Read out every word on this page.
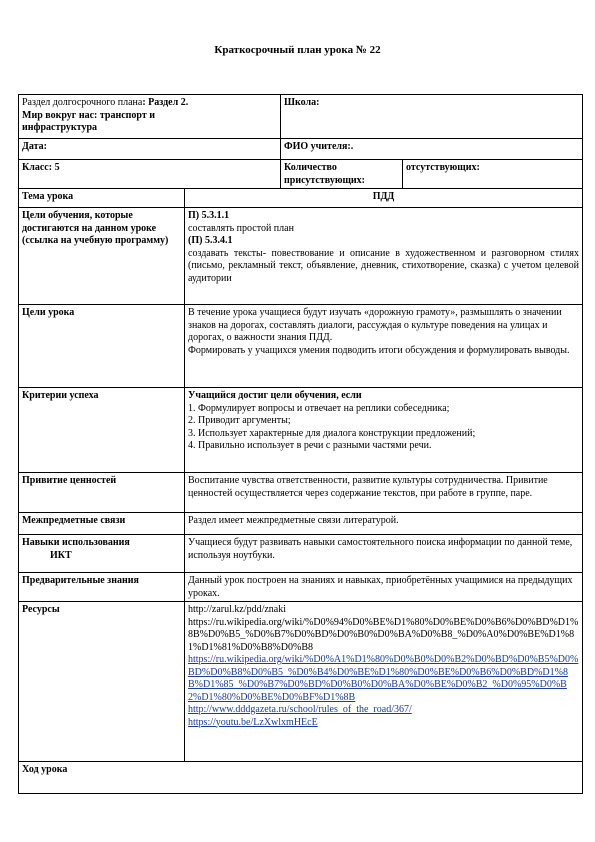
Краткосрочный план урока № 22
Раздел долгосрочного плана: Раздел 2.
Мир вокруг нас: транспорт и
инфраструктура		Школа:	
Дата:		ФИО учителя:.	
Класс: 5		Количество присутствующих:	отсутствующих:
Тема урока	ПДД		
Цели обучения, которые достигаются на данном уроке (ссылка на учебную программу)	П) 5.3.1.1
составлять простой план
(П) 5.3.4.1
создавать тексты- повествование и описание в художественном и разговорном стилях (письмо, рекламный текст, объявление, дневник, стихотворение, сказка) с учетом целевой аудитории		

Цели урока	В течение урока учащиеся будут изучать «дорожную грамоту», размышлять о значении знаков на дорогах, составлять диалоги, рассуждая о культуре поведения на улицах и дорогах, о важности знания ПДД.
Формировать у учащихся умения подводить итоги обсуждения и формулировать выводы.		

Критерии успеха	Учащийся достиг цели обучения, если
1. Формулирует вопросы и отвечает на реплики собеседника;
2. Приводит аргументы;
3. Использует характерные для диалога конструкции предложений;
4. Правильно использует в речи с разными частями речи.		

Привитие ценностей	Воспитание чувства ответственности, развитие культуры сотрудничества. Привитие ценностей осуществляется через содержание текстов, при работе в группе, паре.		
Межпредметные связи	Раздел имеет межпредметные связи литературой.		

Навыки использования
ИКТ	Учащиеся будут развивать навыки самостоятельного поиска информации по данной теме, используя ноутбуки.		
Предварительные знания	Данный урок построен на знаниях и навыках, приобретённых учащимися на предыдущих уроках.		
Ресурсы	http://zarul.kz/pdd/znaki
https://ru.wikipedia.org/wiki/%D0%94%D0%BE%D1%80%D0%BE%D0%B6%D0%BD%D1%8B%D0%B5_%D0%B7%D0%BD%D0%B0%D0%BA%D0%B8_%D0%A0%D0%BE%D1%81%D1%81%D0%B8%D0%B8
https://ru.wikipedia.org/wiki/%D0%A1%D1%80%D0%B0%D0%B2%D0%BD%D0%B5%D0%BD%D0%B8%D0%B5_%D0%B4%D0%BE%D1%80%D0%BE%D0%B6%D0%BD%D1%8B%D1%85_%D0%B7%D0%BD%D0%B0%D0%BA%D0%BE%D0%B2_%D0%95%D0%B2%D1%80%D0%BE%D0%BF%D1%8B
http://www.dddgazeta.ru/school/rules_of_the_road/367/
https://youtu.be/LzXwlxmHEcE		

Ход урока			
